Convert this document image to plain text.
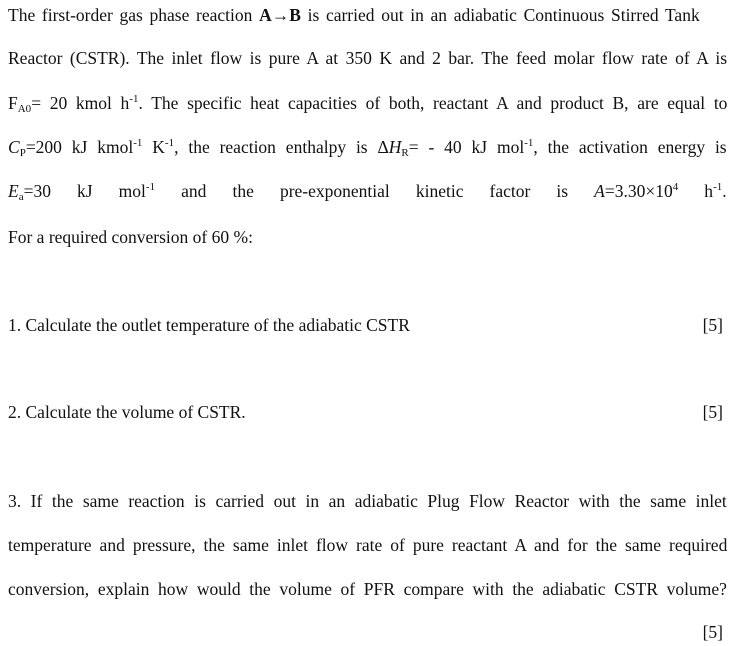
The first-order gas phase reaction A→B is carried out in an adiabatic Continuous Stirred Tank
Reactor (CSTR). The inlet flow is pure A at 350 K and 2 bar. The feed molar flow rate of A is
$F_{A0}= 20$ kmol $h^{-1}$. The specific heat capacities of both, reactant A and product B, are equal to
$C_P=200$ kJ kmol$^{-1}$ $K^{-1}$, the reaction enthalpy is $\Delta H_R= - 40$ kJ mol$^{-1}$, the activation energy is
$E_a=30$ kJ mol$^{-1}$ and the pre-exponential kinetic factor is $A=3.30\times 10^4$ $h^{-1}$.
For a required conversion of 60 %:
1. Calculate the outlet temperature of the adiabatic CSTR	[5]
2. Calculate the volume of CSTR.	[5]
3. If the same reaction is carried out in an adiabatic Plug Flow Reactor with the same inlet
temperature and pressure, the same inlet flow rate of pure reactant A and for the same required
conversion, explain how would the volume of PFR compare with the adiabatic CSTR volume?
[5]
